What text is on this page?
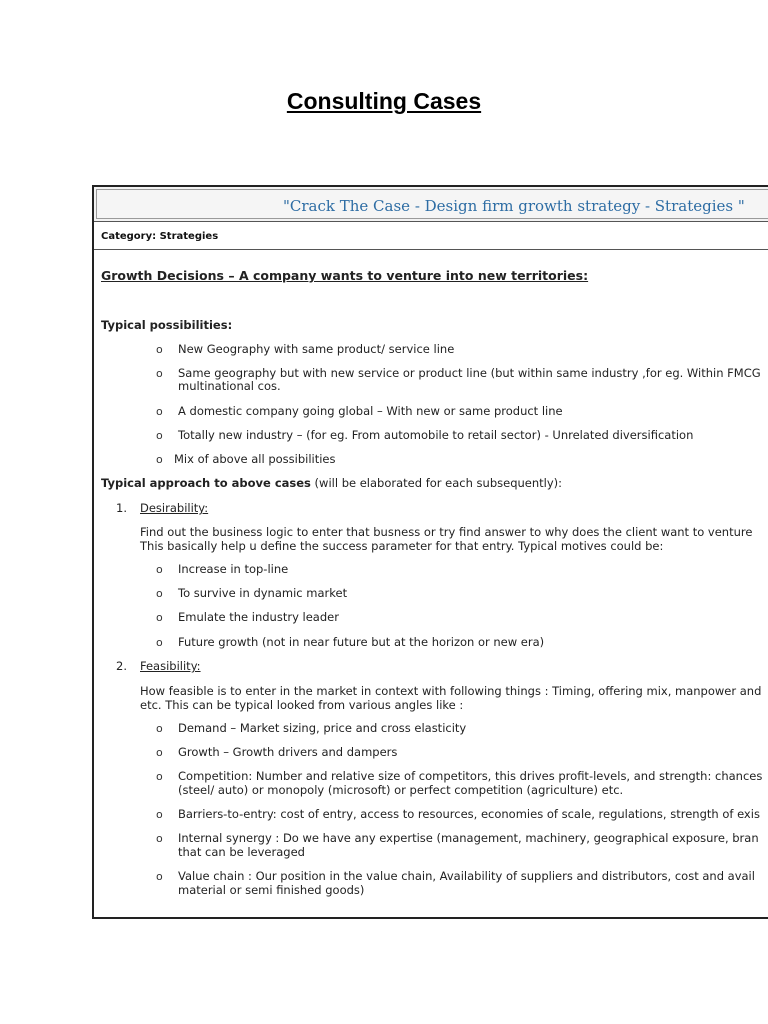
Consulting Cases
"Crack The Case - Design firm growth strategy - Strategies "
Category: Strategies
Growth Decisions – A company wants to venture into new territories:
Typical possibilities:
o New Geography with same product/ service line
o Same geography but with new service or product line (but within same industry ,for eg. Within FMCG
multinational cos.
o A domestic company going global – With new or same product line
o Totally new industry – (for eg. From automobile to retail sector) - Unrelated diversification
o Mix of above all possibilities
Typical approach to above cases (will be elaborated for each subsequently):
1. Desirability:
Find out the business logic to enter that busness or try find answer to why does the client want to venture
This basically help u define the success parameter for that entry. Typical motives could be:
o Increase in top-line
o To survive in dynamic market
o Emulate the industry leader
o Future growth (not in near future but at the horizon or new era)
2. Feasibility:
How feasible is to enter in the market in context with following things : Timing, offering mix, manpower and
etc. This can be typical looked from various angles like :
o Demand – Market sizing, price and cross elasticity
o Growth – Growth drivers and dampers
o Competition: Number and relative size of competitors, this drives profit-levels, and strength: chances
(steel/ auto) or monopoly (microsoft) or perfect competition (agriculture) etc.
o Barriers-to-entry: cost of entry, access to resources, economies of scale, regulations, strength of exis
o Internal synergy : Do we have any expertise (management, machinery, geographical exposure, bran
that can be leveraged
o Value chain : Our position in the value chain, Availability of suppliers and distributors, cost and avail
material or semi finished goods)
